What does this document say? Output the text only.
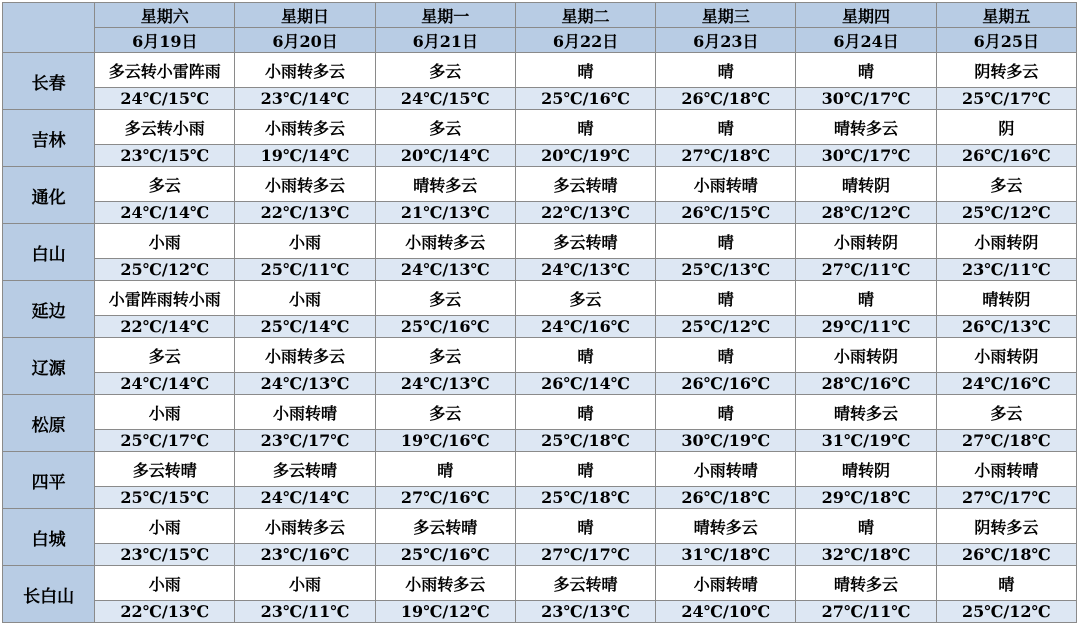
	星期六	星期日	星期一	星期二	星期三	星期四	星期五
	6月19日	6月20日	6月21日	6月22日	6月23日	6月24日	6月25日
长春	多云转小雷阵雨	小雨转多云	多云	晴	晴	晴	阴转多云
	24℃/15℃	23℃/14℃	24℃/15℃	25℃/16℃	26℃/18℃	30℃/17℃	25℃/17℃
吉林	多云转小雨	小雨转多云	多云	晴	晴	晴转多云	阴
	23℃/15℃	19℃/14℃	20℃/14℃	20℃/19℃	27℃/18℃	30℃/17℃	26℃/16℃
通化	多云	小雨转多云	晴转多云	多云转晴	小雨转晴	晴转阴	多云
	24℃/14℃	22℃/13℃	21℃/13℃	22℃/13℃	26℃/15℃	28℃/12℃	25℃/12℃
白山	小雨	小雨	小雨转多云	多云转晴	晴	小雨转阴	小雨转阴
	25℃/12℃	25℃/11℃	24℃/13℃	24℃/13℃	25℃/13℃	27℃/11℃	23℃/11℃
延边	小雷阵雨转小雨	小雨	多云	多云	晴	晴	晴转阴
	22℃/14℃	25℃/14℃	25℃/16℃	24℃/16℃	25℃/12℃	29℃/11℃	26℃/13℃
辽源	多云	小雨转多云	多云	晴	晴	小雨转阴	小雨转阴
	24℃/14℃	24℃/13℃	24℃/13℃	26℃/14℃	26℃/16℃	28℃/16℃	24℃/16℃
松原	小雨	小雨转晴	多云	晴	晴	晴转多云	多云
	25℃/17℃	23℃/17℃	19℃/16℃	25℃/18℃	30℃/19℃	31℃/19℃	27℃/18℃
四平	多云转晴	多云转晴	晴	晴	小雨转晴	晴转阴	小雨转晴
	25℃/15℃	24℃/14℃	27℃/16℃	25℃/18℃	26℃/18℃	29℃/18℃	27℃/17℃
白城	小雨	小雨转多云	多云转晴	晴	晴转多云	晴	阴转多云
	23℃/15℃	23℃/16℃	25℃/16℃	27℃/17℃	31℃/18℃	32℃/18℃	26℃/18℃
长白山	小雨	小雨	小雨转多云	多云转晴	小雨转晴	晴转多云	晴
	22℃/13℃	23℃/11℃	19℃/12℃	23℃/13℃	24℃/10℃	27℃/11℃	25℃/12℃
